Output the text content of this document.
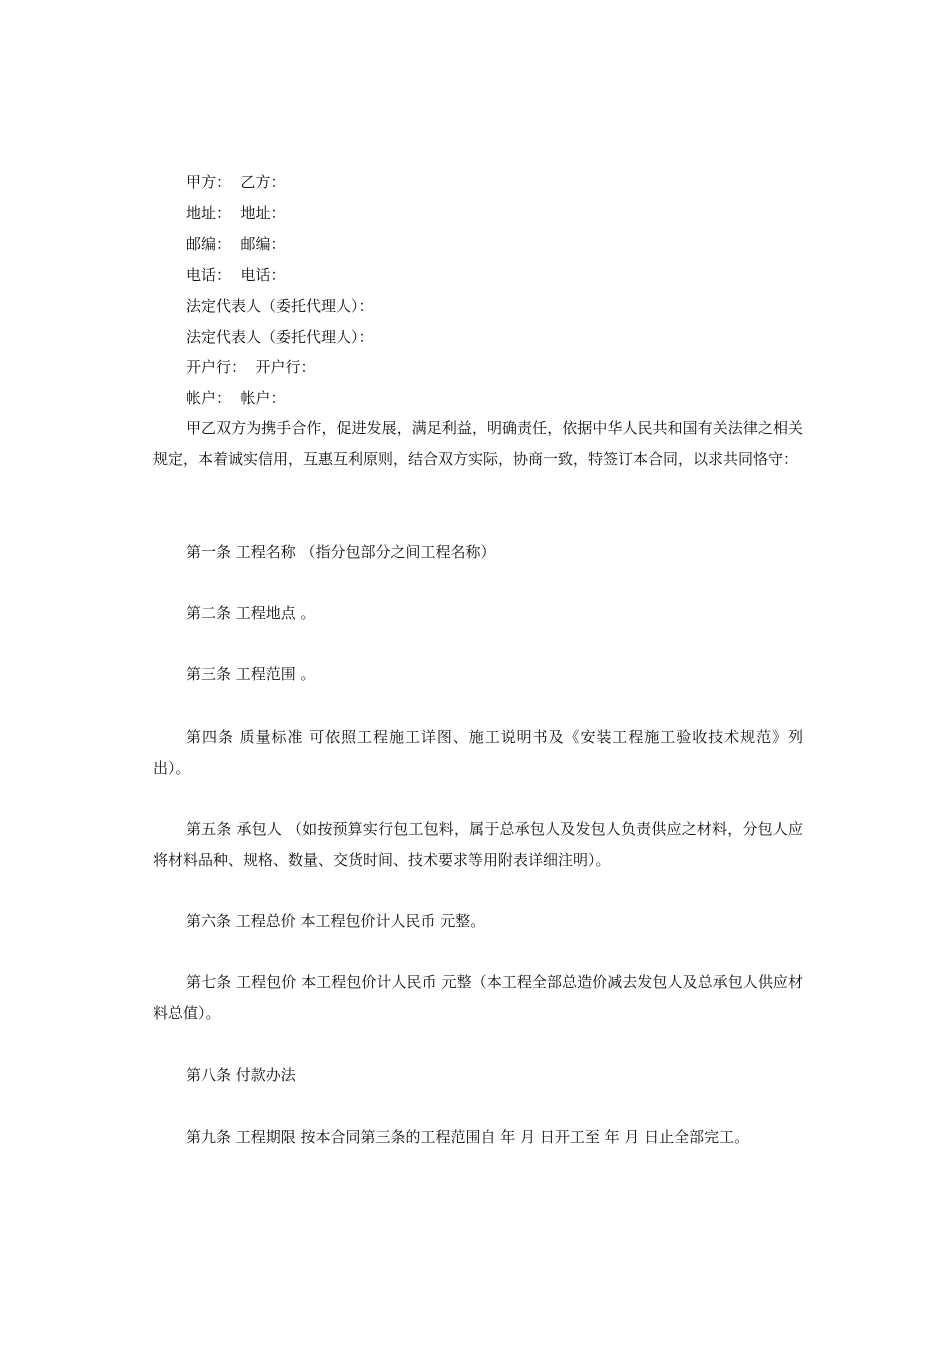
甲方：  乙方：
地址：  地址：
邮编：  邮编：
电话：  电话：
法定代表人（委托代理人）：
法定代表人（委托代理人）：
开户行：  开户行：
帐户：  帐户：
甲乙双方为携手合作，促进发展，满足利益，明确责任，依据中华人民共和国有关法律之相关规定，本着诚实信用，互惠互利原则，结合双方实际，协商一致，特签订本合同，以求共同恪守：
第一条 工程名称 （指分包部分之间工程名称）
第二条 工程地点 。
第三条 工程范围 。
第四条 质量标准 可依照工程施工详图、施工说明书及《安装工程施工验收技术规范》列出）。
第五条 承包人 （如按预算实行包工包料，属于总承包人及发包人负责供应之材料，分包人应将材料品种、规格、数量、交货时间、技术要求等用附表详细注明）。
第六条 工程总价 本工程包价计人民币 元整。
第七条 工程包价 本工程包价计人民币 元整（本工程全部总造价减去发包人及总承包人供应材料总值）。
第八条 付款办法
第九条 工程期限 按本合同第三条的工程范围自 年 月 日开工至 年 月 日止全部完工。
